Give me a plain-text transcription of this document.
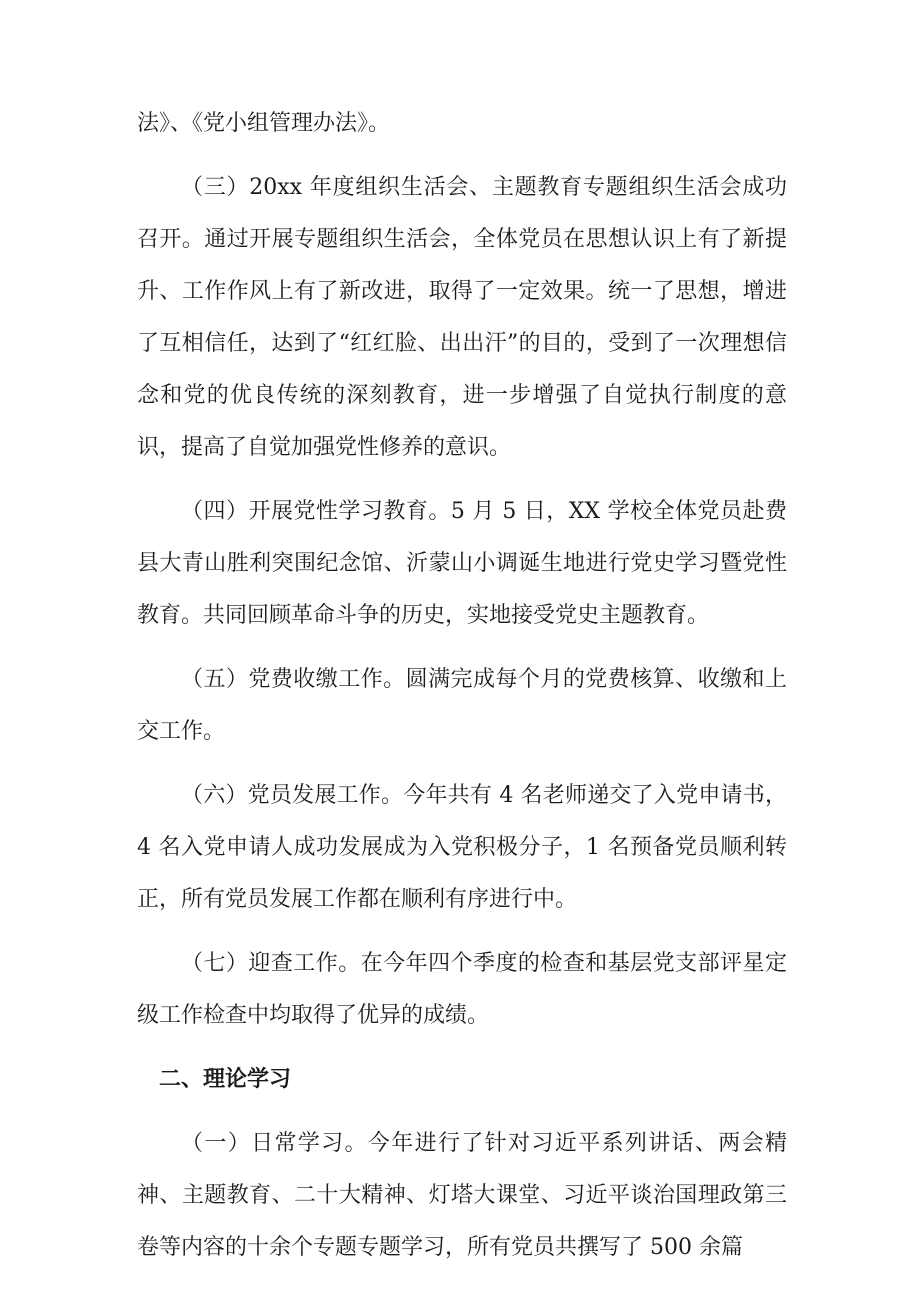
法》、《党小组管理办法》。

（三）20xx 年度组织生活会、主题教育专题组织生活会成功召开。通过开展专题组织生活会，全体党员在思想认识上有了新提升、工作作风上有了新改进，取得了一定效果。统一了思想，增进了互相信任，达到了“红红脸、出出汗”的目的，受到了一次理想信念和党的优良传统的深刻教育，进一步增强了自觉执行制度的意识，提高了自觉加强党性修养的意识。

（四）开展党性学习教育。5 月 5 日，XX 学校全体党员赴费县大青山胜利突围纪念馆、沂蒙山小调诞生地进行党史学习暨党性教育。共同回顾革命斗争的历史，实地接受党史主题教育。

（五）党费收缴工作。圆满完成每个月的党费核算、收缴和上交工作。

（六）党员发展工作。今年共有 4 名老师递交了入党申请书，4 名入党申请人成功发展成为入党积极分子，1 名预备党员顺利转正，所有党员发展工作都在顺利有序进行中。

（七）迎查工作。在今年四个季度的检查和基层党支部评星定级工作检查中均取得了优异的成绩。

二、理论学习

（一）日常学习。今年进行了针对习近平系列讲话、两会精神、主题教育、二十大精神、灯塔大课堂、习近平谈治国理政第三卷等内容的十余个专题专题学习，所有党员共撰写了 500 余篇
